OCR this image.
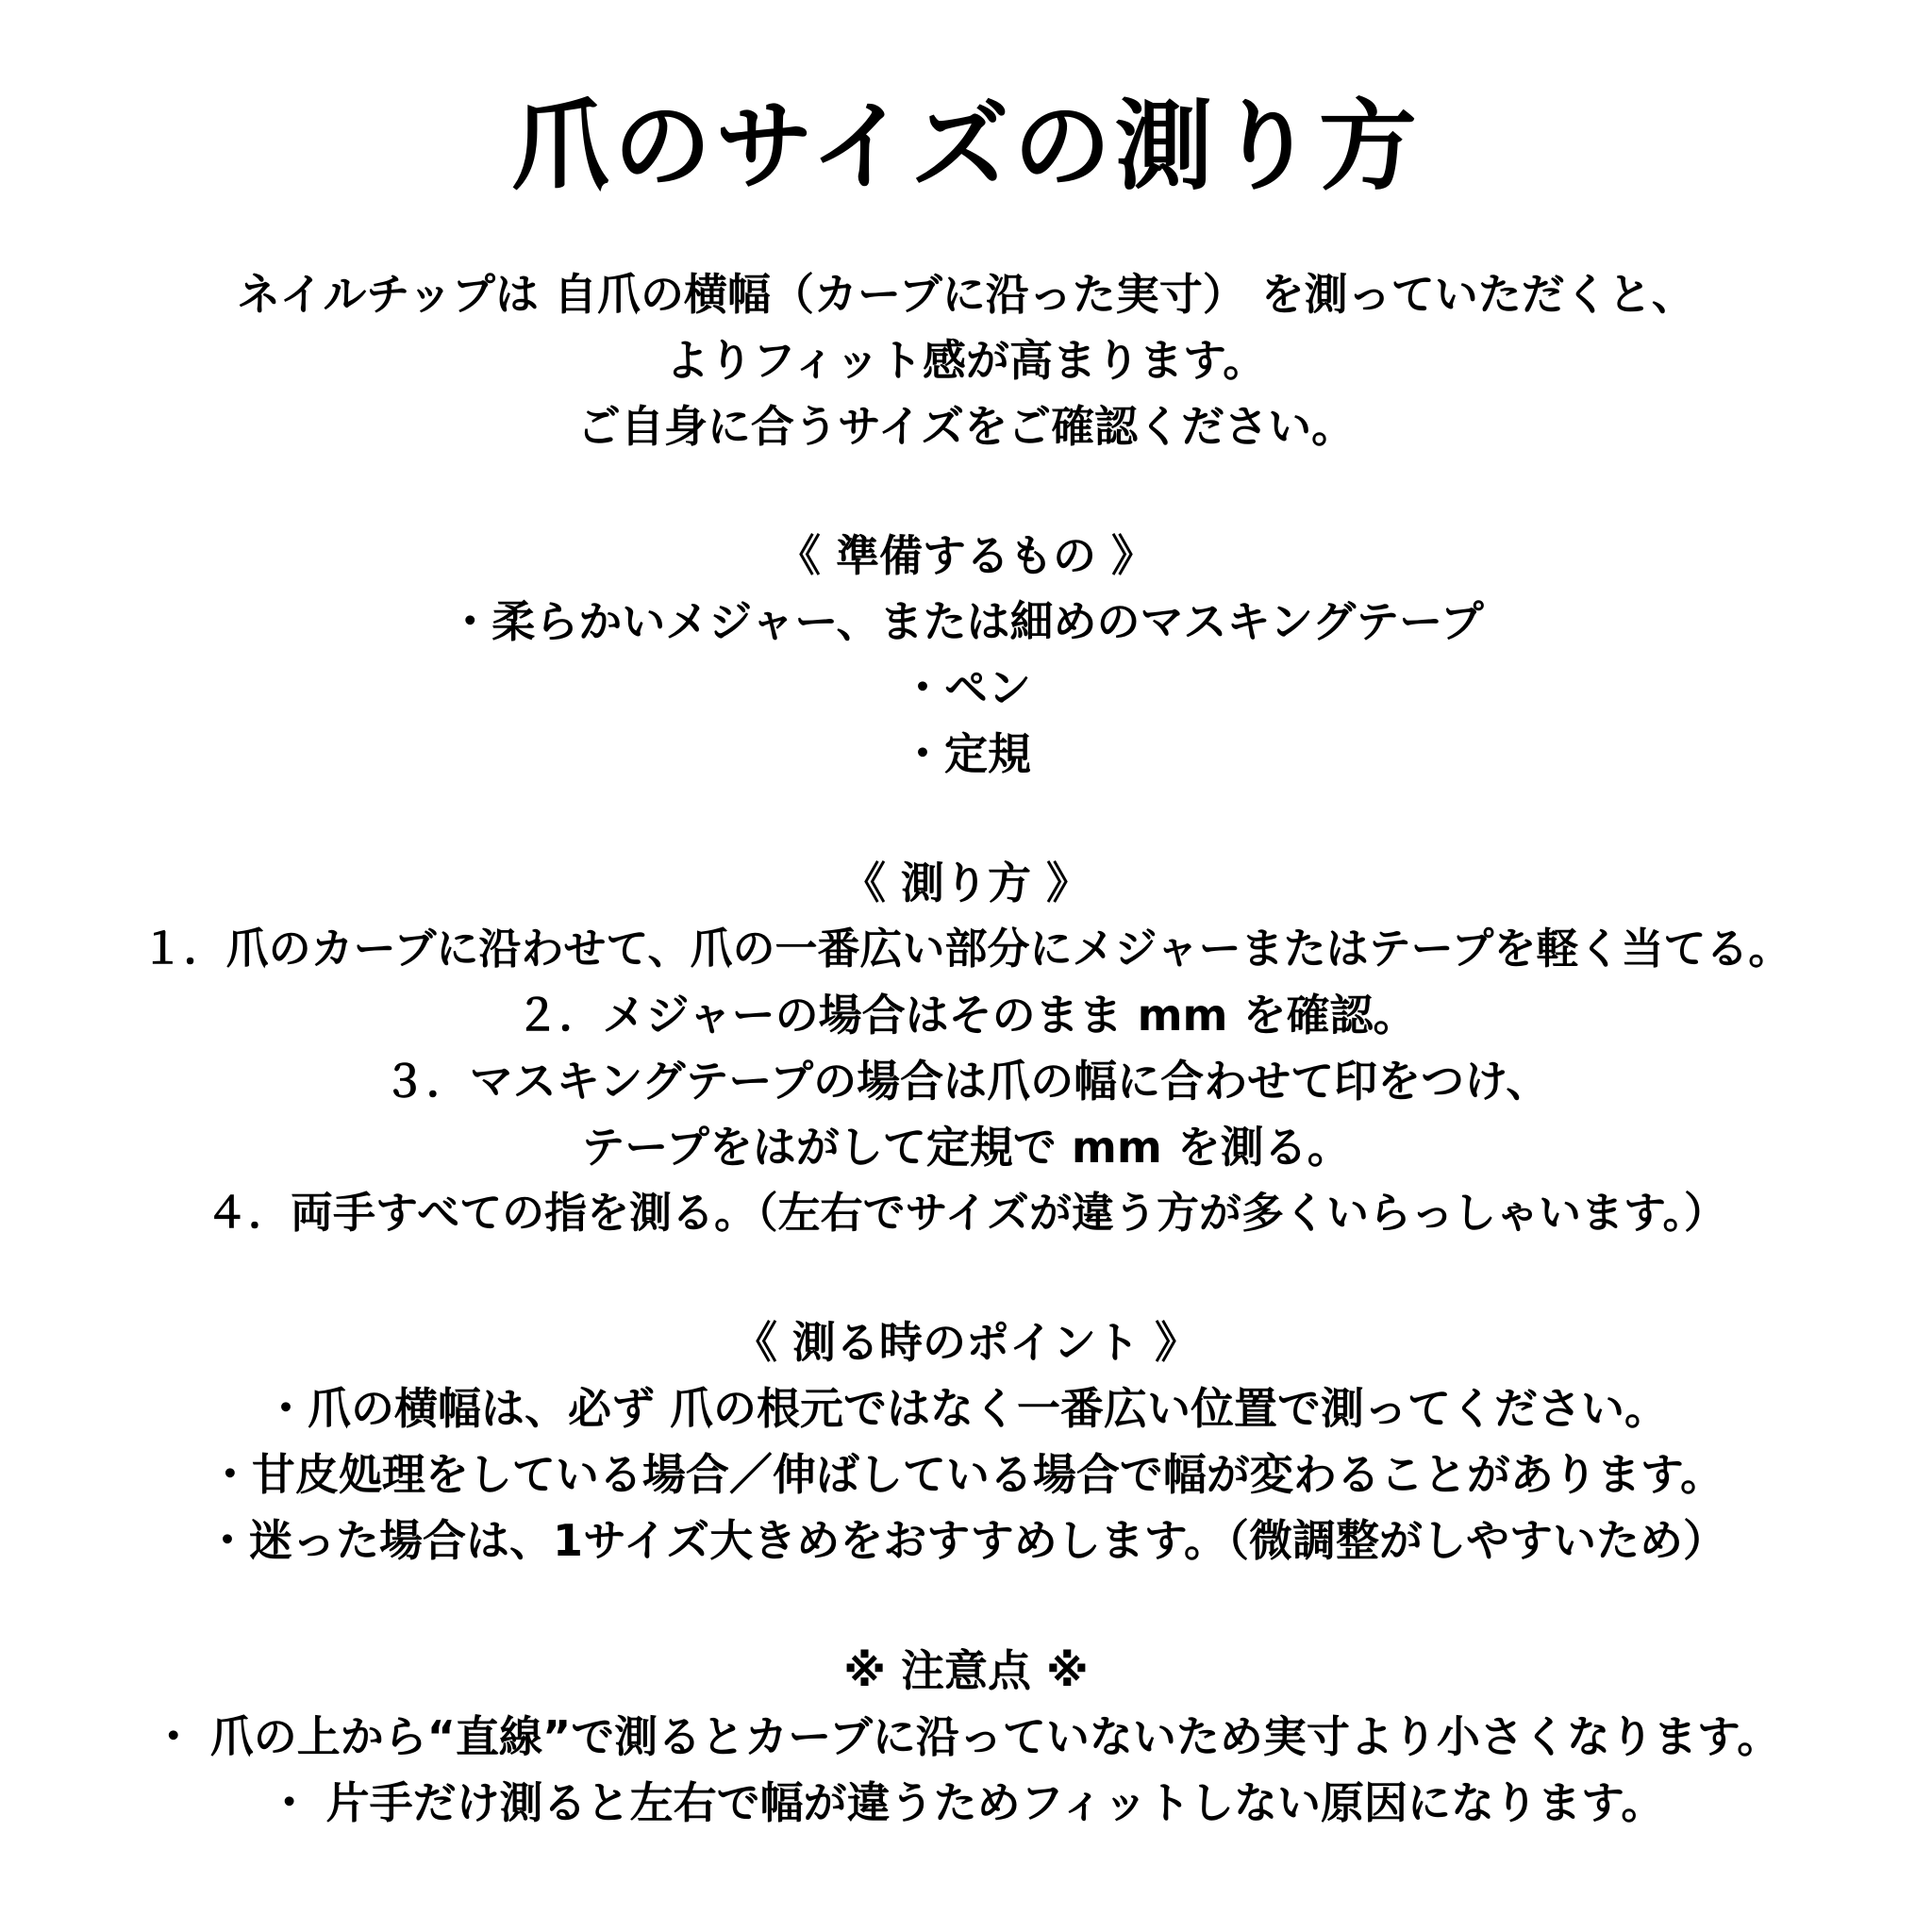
爪のサイズの測り方
ネイルチップは 自爪の横幅（カーブに沿った実寸） を測っていただくと、
よりフィット感が高まります。
ご自身に合うサイズをご確認ください。
《 準備するもの 》
・柔らかいメジャー、または細めのマスキングテープ
・ペン
・定規
《 測り方 》
１．爪のカーブに沿わせて、爪の一番広い部分にメジャーまたはテープを軽く当てる。
２．メジャーの場合はそのまま mm を確認。
３．マスキングテープの場合は爪の幅に合わせて印をつけ、
テープをはがして定規で mm を測る。
４．両手すべての指を測る。（左右でサイズが違う方が多くいらっしゃいます。）
《 測る時のポイント 》
・爪の横幅は、必ず 爪の根元ではなく一番広い位置で測ってください。
・甘皮処理をしている場合／伸ばしている場合で幅が変わることがあります。
・迷った場合は、1サイズ大きめをおすすめします。（微調整がしやすいため）
※ 注意点 ※
・ 爪の上から“直線”で測るとカーブに沿っていないため実寸より小さくなります。
・ 片手だけ測ると左右で幅が違うためフィットしない原因になります。
